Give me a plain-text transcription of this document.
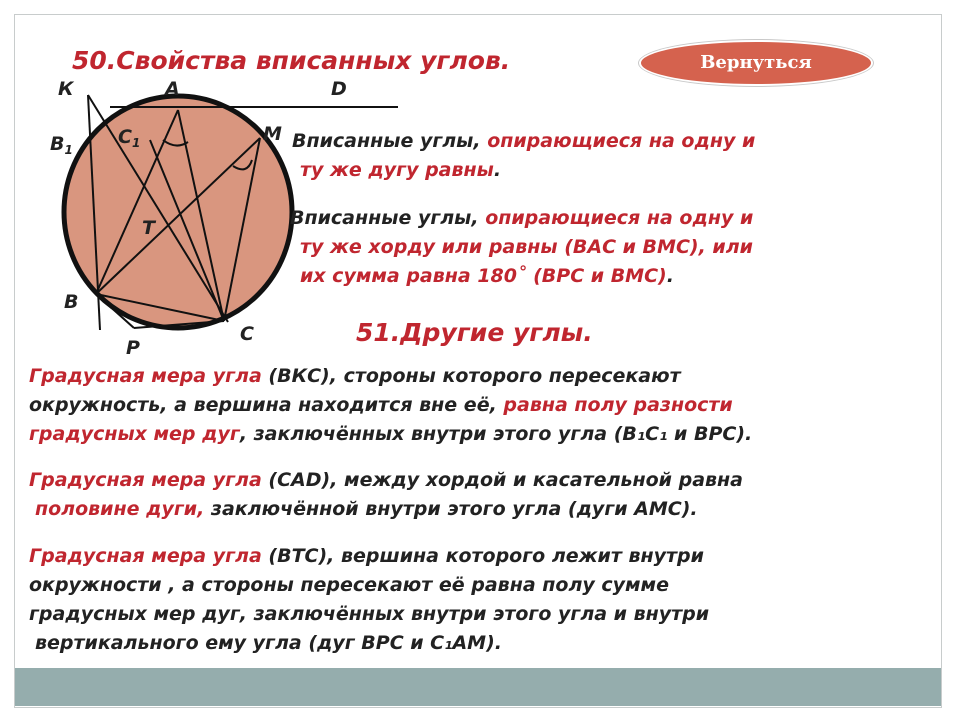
50.Свойства вписанных углов.	Вернуться
К	A	D
M
$B_1$
$C_1$
T
B
C
P
Вписанные углы, опирающиеся на одну и
ту же дугу равны.
Вписанные углы, опирающиеся на одну и
ту же хорду или равны (ВАС и ВМС), или
их сумма равна 180˚ (ВРС и ВМС).
51.Другие углы.
Градусная мера угла (ВКС), стороны которого пересекают
окружность, а вершина находится вне её, равна полу разности
градусных мер дуг, заключённых внутри этого угла (В₁С₁ и ВРС).
Градусная мера угла (САD), между хордой и касательной равна
половине дуги, заключённой внутри этого угла (дуги АМС).
Градусная мера угла (ВТС), вершина которого лежит внутри
окружности , а стороны пересекают её равна полу сумме
градусных мер дуг, заключённых внутри этого угла и внутри
вертикального ему угла (дуг ВРС и С₁АМ).
